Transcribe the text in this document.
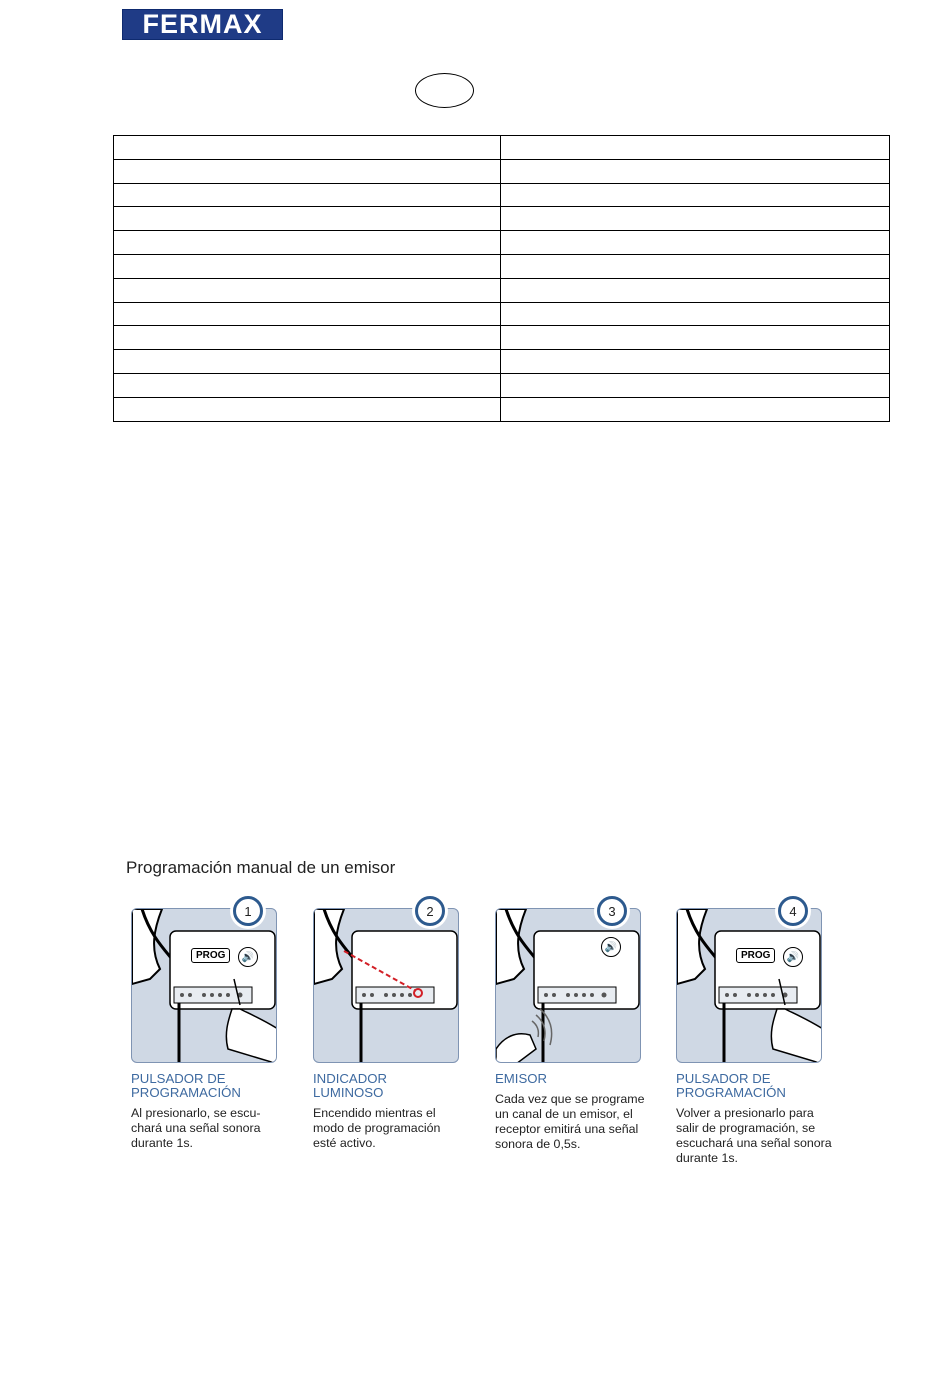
FERMAX

Programación manual de un emisor
PROG	🔊
1
PULSADOR DE
PROGRAMACIÓN
Al presionarlo, se escu-
chará una señal sonora
durante 1s.
2
INDICADOR
LUMINOSO
Encendido mientras el
modo de programación
esté activo.
🔊
3
EMISOR
Cada vez que se programe
un canal de un emisor, el
receptor emitirá una señal
sonora de 0,5s.
PROG	🔊
4
PULSADOR DE
PROGRAMACIÓN
Volver a presionarlo para
salir de programación, se
escuchará una señal sonora
durante 1s.
